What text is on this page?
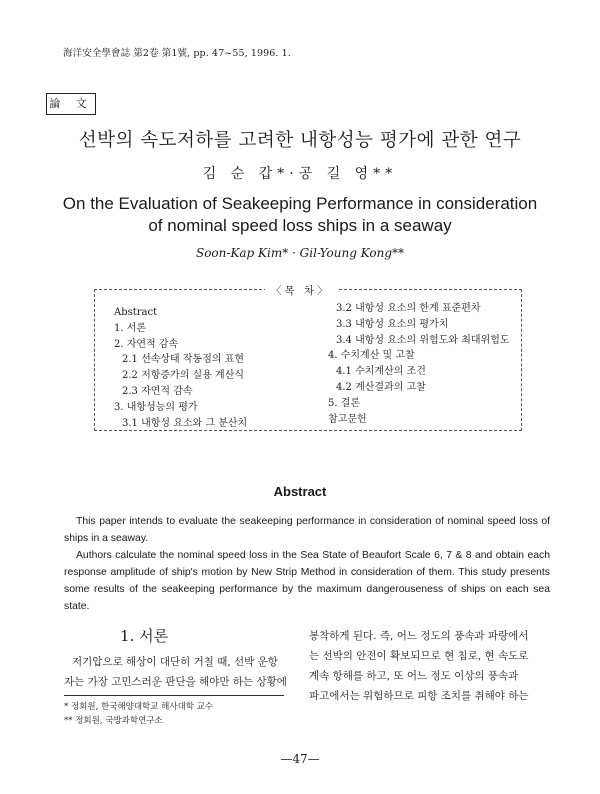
海洋安全學會誌 第2卷 第1號, pp. 47~55, 1996. 1.
論 文
선박의 속도저하를 고려한 내항성능 평가에 관한 연구
김 순 갑*·공 길 영**
On the Evaluation of Seakeeping Performance in consideration
of nominal speed loss ships in a seaway
Soon-Kap Kim* · Gil-Young Kong**
〈목 차〉
Abstract
1. 서론
2. 자연적 감속
2.1 선속상태 작동점의 표현
2.2 저항증가의 실용 계산식
2.3 자연적 감속
3. 내항성능의 평가
3.1 내항성 요소와 그 분산치
3.2 내항성 요소의 한계 표준편차
3.3 내항성 요소의 평가치
3.4 내항성 요소의 위험도와 최대위험도
4. 수치계산 및 고찰
4.1 수치계산의 조건
4.2 계산결과의 고찰
5. 결론
참고문헌
Abstract

This paper intends to evaluate the seakeeping performance in consideration of nominal speed loss of ships in a seaway.

Authors calculate the nominal speed loss in the Sea State of Beaufort Scale 6, 7 & 8 and obtain each response amplitude of ship's motion by New Strip Method in consideration of them. This study presents some results of the seakeeping performance by the maximum dangerouseness of ships on each sea state.

1. 서론
저기압으로 해상이 대단히 거칠 때, 선박 운항
자는 가장 고민스러운 판단을 해야만 하는 상황에
봉착하게 된다. 즉, 어느 정도의 풍속과 파랑에서
는 선박의 안전이 확보되므로 현 침로, 현 속도로
계속 항해를 하고, 또 어느 정도 이상의 풍속과
파고에서는 위험하므로 피항 조치를 취해야 하는
* 정회원, 한국해양대학교 해사대학 교수
** 정회원, 국방과학연구소
—47—
